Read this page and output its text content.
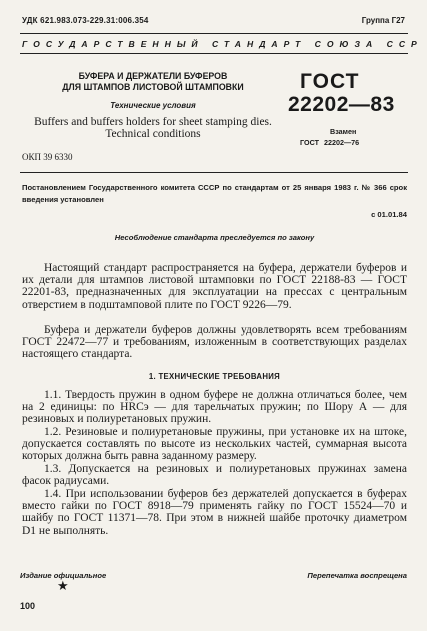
УДК 621.983.073-229.31:006.354	Группа Г27
ГОСУДАРСТВЕННЫЙ СТАНДАРТ СОЮЗА ССР
БУФЕРА И ДЕРЖАТЕЛИ БУФЕРОВ
ДЛЯ ШТАМПОВ ЛИСТОВОЙ ШТАМПОВКИ
Технические условия
Buffers and buffers holders for sheet stamping dies.
Technical conditions
ГОСТ
22202—83
Взамен
ГОСТ 22202—76
ОКП 39 6330
Постановлением Государственного комитета СССР по стандартам от 25 января 1983 г. № 366 срок введения установлен
с 01.01.84
Несоблюдение стандарта преследуется по закону
Настоящий стандарт распространяется на буфера, держатели буферов и их детали для штампов листовой штамповки по ГОСТ 22188-83 — ГОСТ 22201-83, предназначенных для эксплуатации на прессах с центральным отверстием в подштамповой плите по ГОСТ 9226—79.
Буфера и держатели буферов должны удовлетворять всем требованиям ГОСТ 22472—77 и требованиям, изложенным в соответствующих разделах настоящего стандарта.
1. ТЕХНИЧЕСКИЕ ТРЕБОВАНИЯ
1.1. Твердость пружин в одном буфере не должна отличаться более, чем на 2 единицы: по HRCэ — для тарельчатых пружин; по Шору А — для резиновых и полиуретановых пружин.
1.2. Резиновые и полиуретановые пружины, при установке их на штоке, допускается составлять по высоте из нескольких частей, суммарная высота которых должна быть равна заданному размеру.
1.3. Допускается на резиновых и полиуретановых пружинах замена фасок радиусами.
1.4. При использовании буферов без держателей допускается в буферах вместо гайки по ГОСТ 8918—79 применять гайку по ГОСТ 15524—70 и шайбу по ГОСТ 11371—78. При этом в нижней шайбе проточку диаметром D1 не выполнять.
Издание официальное	Перепечатка воспрещена
★
100
